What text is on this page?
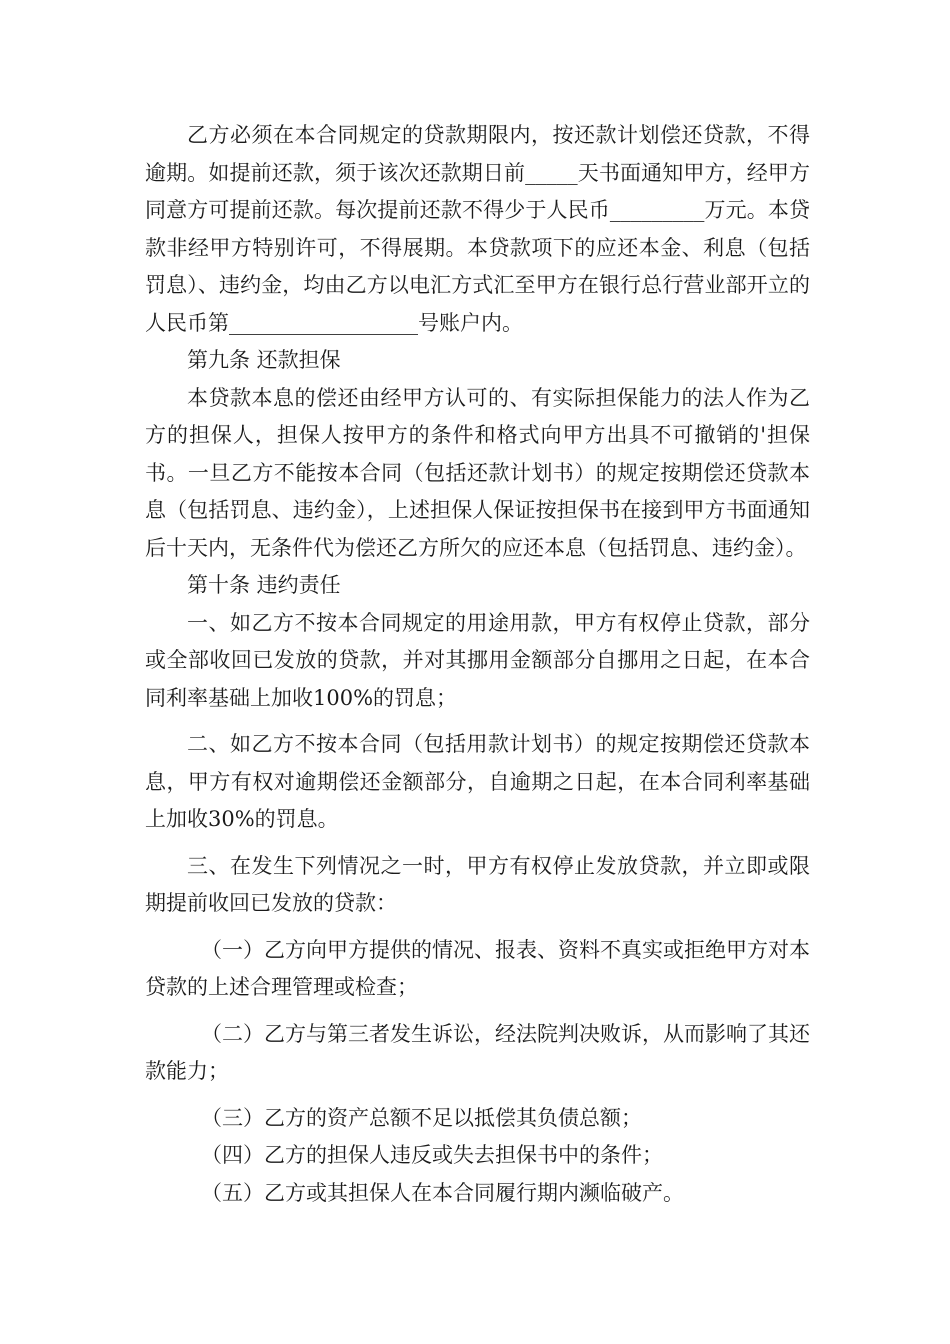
乙方必须在本合同规定的贷款期限内，按还款计划偿还贷款，不得逾期。如提前还款，须于该次还款期日前_____天书面通知甲方，经甲方同意方可提前还款。每次提前还款不得少于人民币_________万元。本贷款非经甲方特别许可，不得展期。本贷款项下的应还本金、利息（包括罚息）、违约金，均由乙方以电汇方式汇至甲方在银行总行营业部开立的人民币第__________________号账户内。

第九条 还款担保

本贷款本息的偿还由经甲方认可的、有实际担保能力的法人作为乙方的担保人，担保人按甲方的条件和格式向甲方出具不可撤销的'担保书。一旦乙方不能按本合同（包括还款计划书）的规定按期偿还贷款本息（包括罚息、违约金），上述担保人保证按担保书在接到甲方书面通知后十天内，无条件代为偿还乙方所欠的应还本息（包括罚息、违约金）。

第十条 违约责任

一、如乙方不按本合同规定的用途用款，甲方有权停止贷款，部分或全部收回已发放的贷款，并对其挪用金额部分自挪用之日起，在本合同利率基础上加收100%的罚息；

二、如乙方不按本合同（包括用款计划书）的规定按期偿还贷款本息，甲方有权对逾期偿还金额部分，自逾期之日起，在本合同利率基础上加收30%的罚息。

三、在发生下列情况之一时，甲方有权停止发放贷款，并立即或限期提前收回已发放的贷款：

（一）乙方向甲方提供的情况、报表、资料不真实或拒绝甲方对本贷款的上述合理管理或检查；

（二）乙方与第三者发生诉讼，经法院判决败诉，从而影响了其还款能力；

（三）乙方的资产总额不足以抵偿其负债总额；

（四）乙方的担保人违反或失去担保书中的条件；

（五）乙方或其担保人在本合同履行期内濒临破产。
